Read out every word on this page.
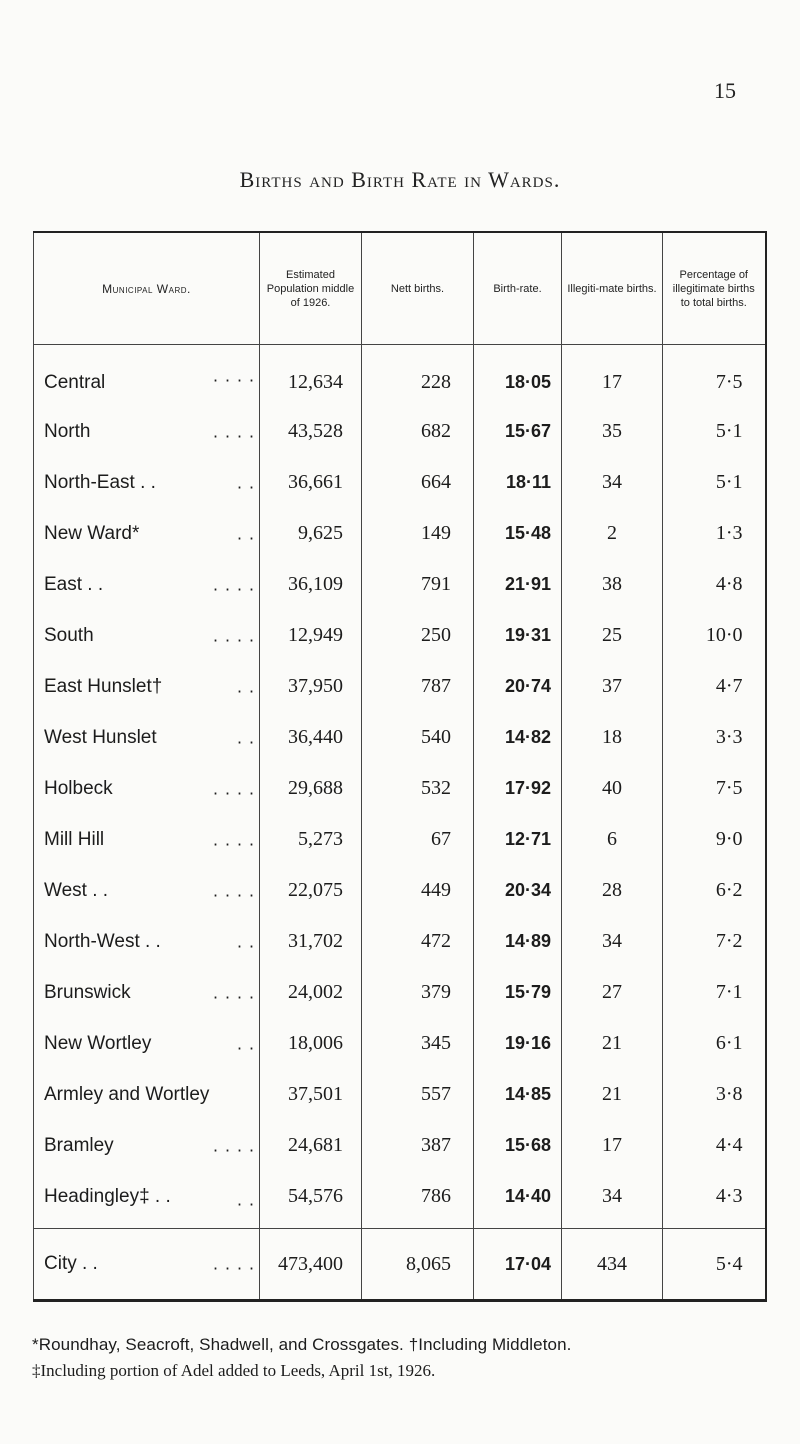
15
Births and Birth Rate in Wards.
Municipal Ward.	Estimated Population middle of 1926.	Nett births.	Birth-rate.	Illegiti-mate births.	Percentage of illegitimate births to total births.
Central . . . .	12,634	228	18·05	17	7·5
North . . . .	43,528	682	15·67	35	5·1
North-East . . . .	36,661	664	18·11	34	5·1
New Ward* . .	9,625	149	15·48	2	1·3
East . . . . . .	36,109	791	21·91	38	4·8
South . . . .	12,949	250	19·31	25	10·0
East Hunslet† . .	37,950	787	20·74	37	4·7
West Hunslet . .	36,440	540	14·82	18	3·3
Holbeck . . . .	29,688	532	17·92	40	7·5
Mill Hill . . . .	5,273	67	12·71	6	9·0
West . . . . . .	22,075	449	20·34	28	6·2
North-West . . . .	31,702	472	14·89	34	7·2
Brunswick . . . .	24,002	379	15·79	27	7·1
New Wortley . .	18,006	345	19·16	21	6·1
Armley and Wortley	37,501	557	14·85	21	3·8
Bramley . . . .	24,681	387	15·68	17	4·4
Headingley‡ . . . .	54,576	786	14·40	34	4·3
City . . . . . .	473,400	8,065	17·04	434	5·4
*Roundhay, Seacroft, Shadwell, and Crossgates. †Including Middleton.
‡Including portion of Adel added to Leeds, April 1st, 1926.
